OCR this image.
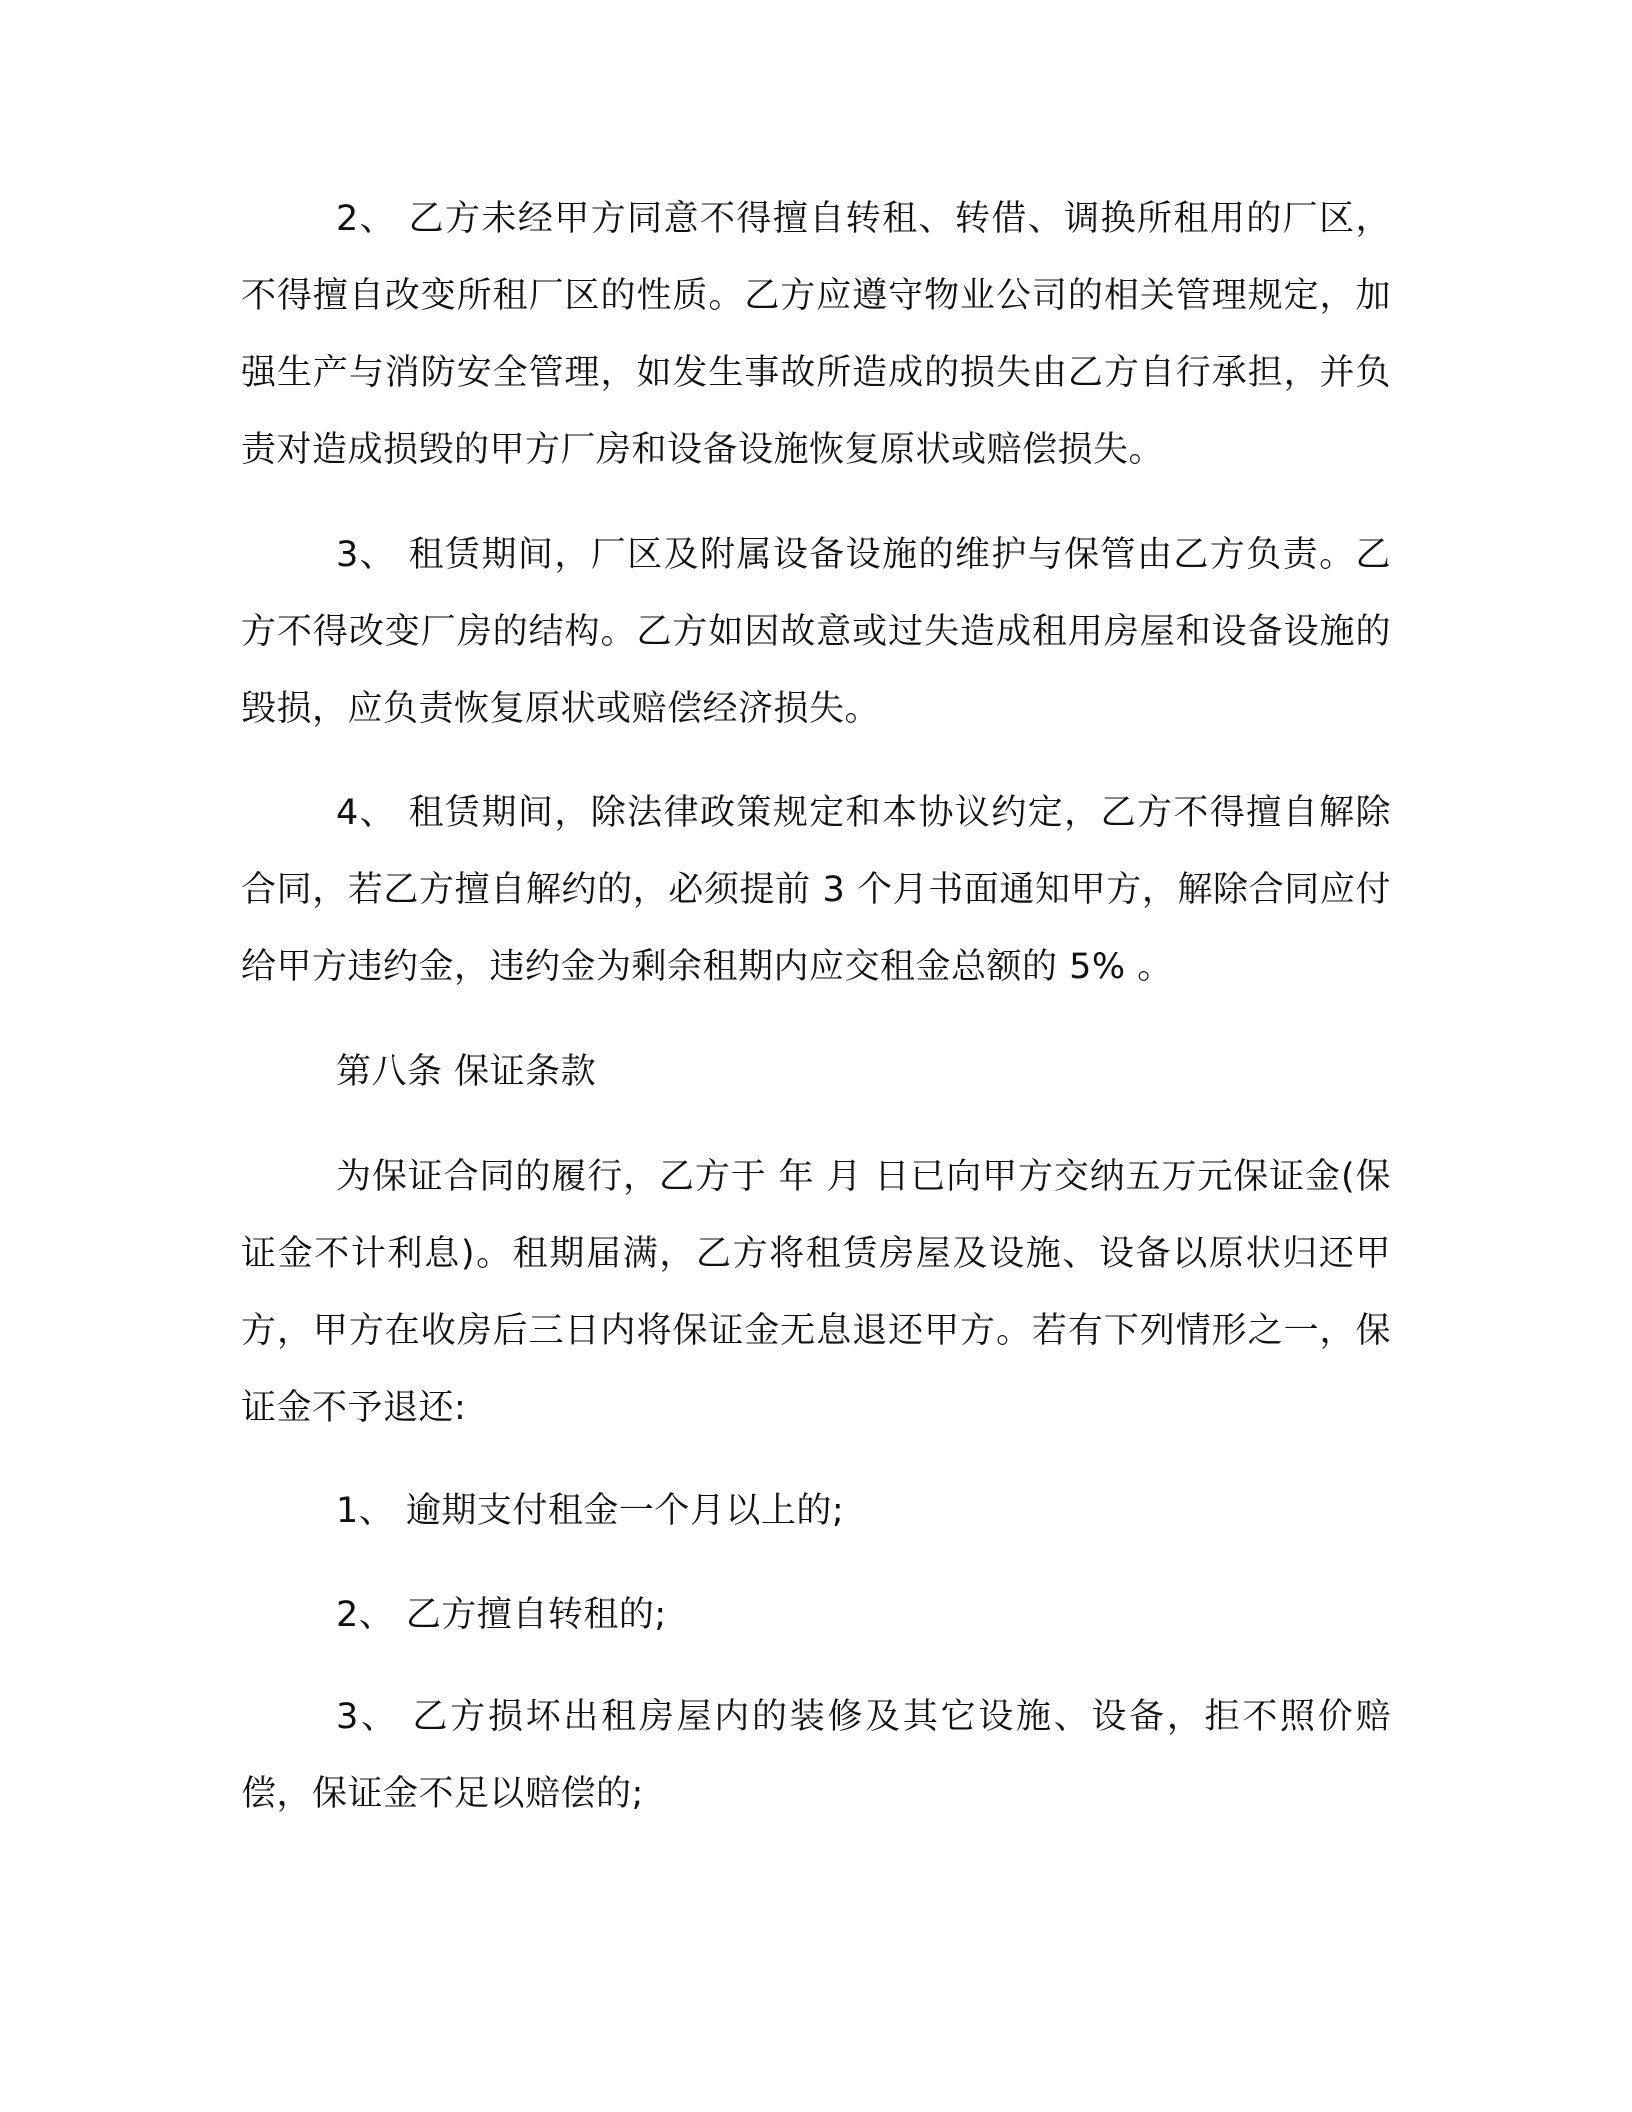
2、 乙方未经甲方同意不得擅自转租、转借、调换所租用的厂区，不得擅自改变所租厂区的性质。乙方应遵守物业公司的相关管理规定，加强生产与消防安全管理，如发生事故所造成的损失由乙方自行承担，并负责对造成损毁的甲方厂房和设备设施恢复原状或赔偿损失。

3、 租赁期间，厂区及附属设备设施的维护与保管由乙方负责。乙方不得改变厂房的结构。乙方如因故意或过失造成租用房屋和设备设施的毁损，应负责恢复原状或赔偿经济损失。

4、 租赁期间，除法律政策规定和本协议约定，乙方不得擅自解除合同，若乙方擅自解约的，必须提前 3 个月书面通知甲方，解除合同应付给甲方违约金，违约金为剩余租期内应交租金总额的 5% 。

第八条 保证条款

为保证合同的履行，乙方于 年 月 日已向甲方交纳五万元保证金(保证金不计利息)。租期届满，乙方将租赁房屋及设施、设备以原状归还甲方，甲方在收房后三日内将保证金无息退还甲方。若有下列情形之一，保证金不予退还:

1、 逾期支付租金一个月以上的;

2、 乙方擅自转租的;

3、 乙方损坏出租房屋内的装修及其它设施、设备，拒不照价赔偿，保证金不足以赔偿的;
